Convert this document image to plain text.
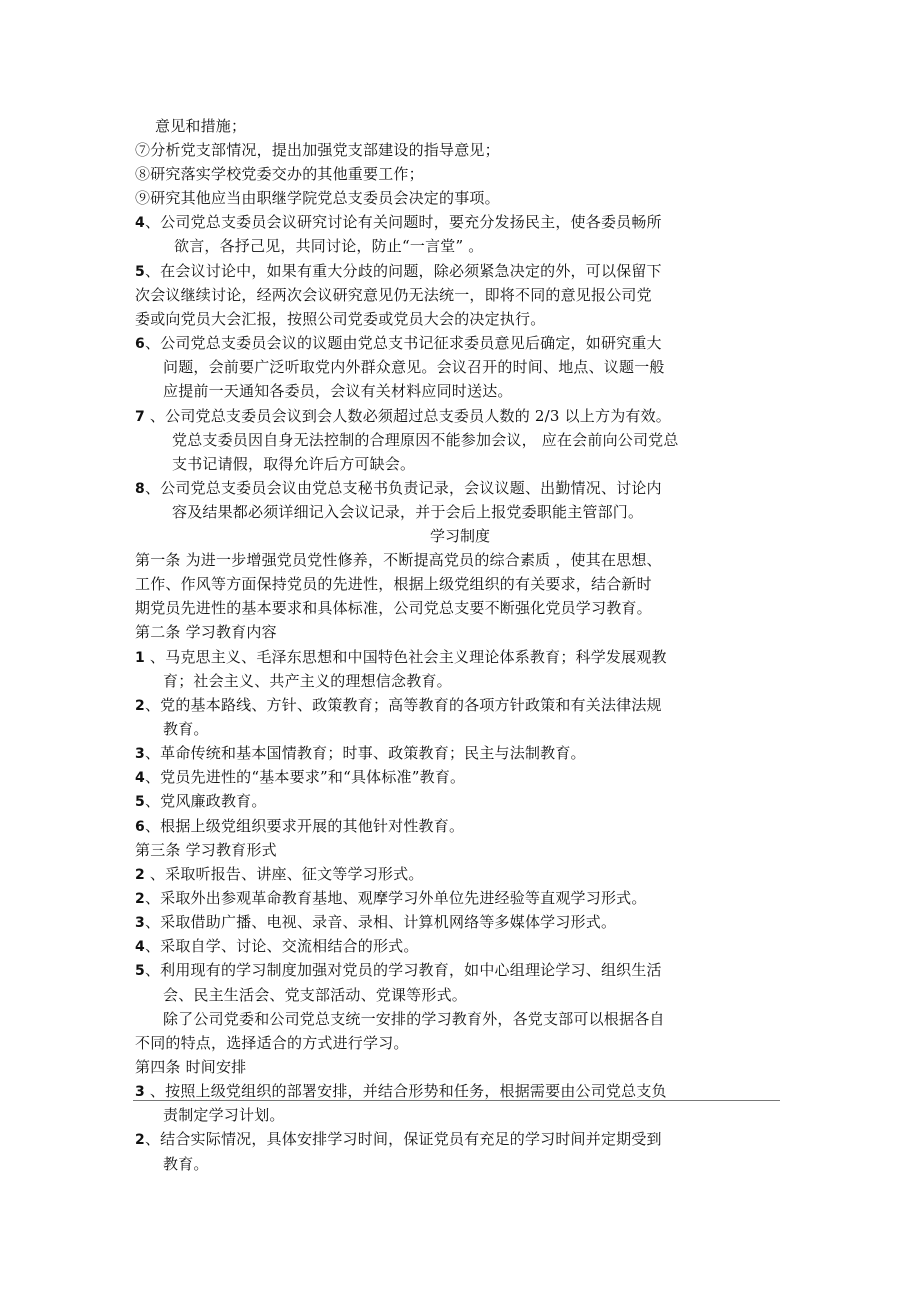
意见和措施；
⑦分析党支部情况，提出加强党支部建设的指导意见；
⑧研究落实学校党委交办的其他重要工作；
⑨研究其他应当由职继学院党总支委员会决定的事项。
4、公司党总支委员会议研究讨论有关问题时，要充分发扬民主，使各委员畅所
欲言，各抒己见，共同讨论，防止“一言堂” 。
5、在会议讨论中，如果有重大分歧的问题，除必须紧急决定的外，可以保留下
次会议继续讨论，经两次会议研究意见仍无法统一，即将不同的意见报公司党
委或向党员大会汇报，按照公司党委或党员大会的决定执行。
6、公司党总支委员会议的议题由党总支书记征求委员意见后确定，如研究重大
问题，会前要广泛听取党内外群众意见。会议召开的时间、地点、议题一般
应提前一天通知各委员，会议有关材料应同时送达。
7 、公司党总支委员会议到会人数必须超过总支委员人数的 2/3 以上方为有效。
党总支委员因自身无法控制的合理原因不能参加会议， 应在会前向公司党总
支书记请假，取得允许后方可缺会。
8、公司党总支委员会议由党总支秘书负责记录，会议议题、出勤情况、讨论内
容及结果都必须详细记入会议记录，并于会后上报党委职能主管部门。
学习制度
第一条 为进一步增强党员党性修养，不断提高党员的综合素质 ，使其在思想、
工作、作风等方面保持党员的先进性，根据上级党组织的有关要求，结合新时
期党员先进性的基本要求和具体标准，公司党总支要不断强化党员学习教育。
第二条 学习教育内容
1 、马克思主义、毛泽东思想和中国特色社会主义理论体系教育；科学发展观教
育；社会主义、共产主义的理想信念教育。
2、党的基本路线、方针、政策教育；高等教育的各项方针政策和有关法律法规
教育。
3、革命传统和基本国情教育；时事、政策教育；民主与法制教育。
4、党员先进性的“基本要求”和“具体标准”教育。
5、党风廉政教育。
6、根据上级党组织要求开展的其他针对性教育。
第三条 学习教育形式
2 、采取听报告、讲座、征文等学习形式。
2、采取外出参观革命教育基地、观摩学习外单位先进经验等直观学习形式。
3、采取借助广播、电视、录音、录相、计算机网络等多媒体学习形式。
4、采取自学、讨论、交流相结合的形式。
5、利用现有的学习制度加强对党员的学习教育，如中心组理论学习、组织生活
会、民主生活会、党支部活动、党课等形式。
除了公司党委和公司党总支统一安排的学习教育外，各党支部可以根据各自
不同的特点，选择适合的方式进行学习。
第四条 时间安排
3 、按照上级党组织的部署安排，并结合形势和任务，根据需要由公司党总支负
责制定学习计划。
2、结合实际情况，具体安排学习时间，保证党员有充足的学习时间并定期受到
教育。
